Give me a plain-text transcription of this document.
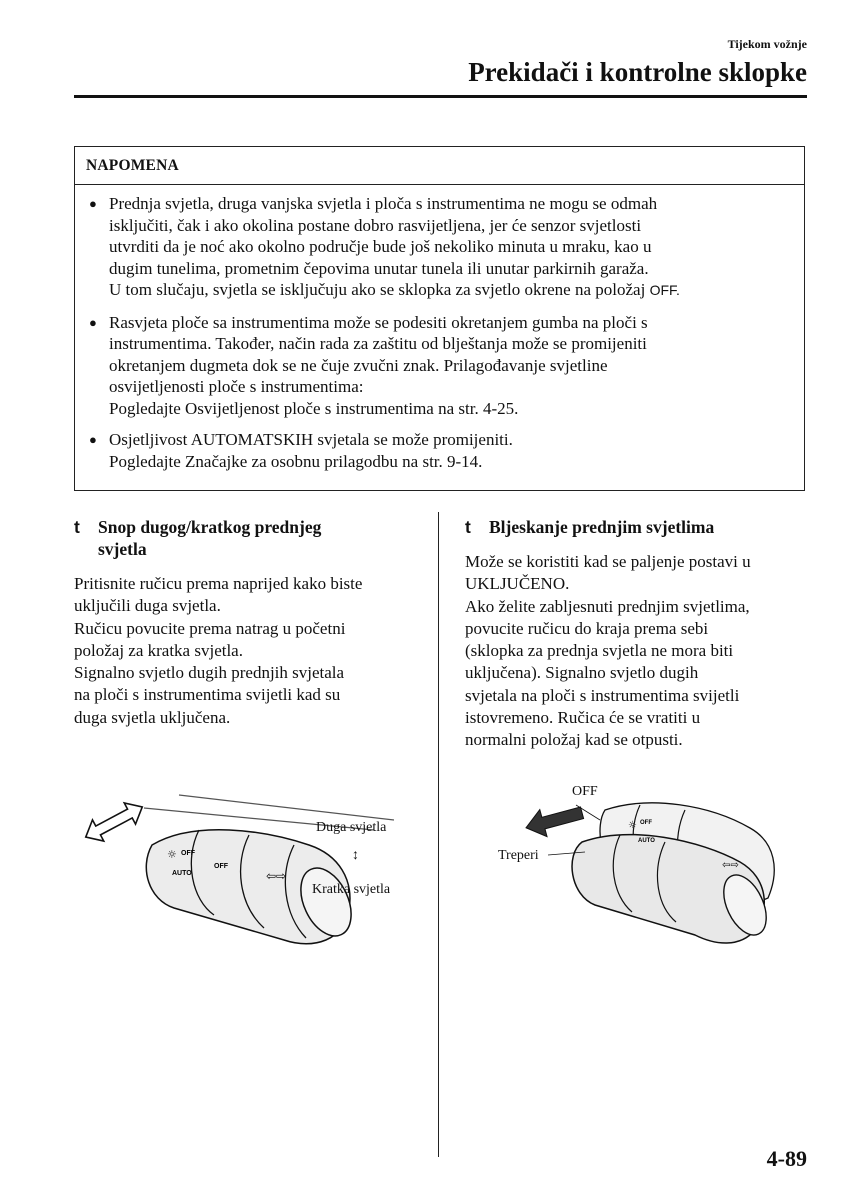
Tijekom vožnje
Prekidači i kontrolne sklopke
NAPOMENA
● Prednja svjetla, druga vanjska svjetla i ploča s instrumentima ne mogu se odmah
isključiti, čak i ako okolina postane dobro rasvijetljena, jer će senzor svjetlosti
utvrditi da je noć ako okolno područje bude još nekoliko minuta u mraku, kao u
dugim tunelima, prometnim čepovima unutar tunela ili unutar parkirnih garaža.
U tom slučaju, svjetla se isključuju ako se sklopka za svjetlo okrene na položaj OFF.
● Rasvjeta ploče sa instrumentima može se podesiti okretanjem gumba na ploči s
instrumentima. Također, način rada za zaštitu od blještanja može se promijeniti
okretanjem dugmeta dok se ne čuje zvučni znak. Prilagođavanje svjetline
osvijetljenosti ploče s instrumentima:
Pogledajte Osvijetljenost ploče s instrumentima na str. 4-25.
● Osjetljivost AUTOMATSKIH svjetala se može promijeniti.
Pogledajte Značajke za osobnu prilagodbu na str. 9-14.
t Snop dugog/kratkog prednjeg
svjetla
Pritisnite ručicu prema naprijed kako biste
uključili duga svjetla.
Ručicu povucite prema natrag u početni
položaj za kratka svjetla.
Signalno svjetlo dugih prednjih svjetala
na ploči s instrumentima svijetli kad su
duga svjetla uključena.
☼ OFF
AUTO
OFF
⇦⇨
Duga svjetla
↕
Kratka svjetla
t Bljeskanje prednjim svjetlima
Može se koristiti kad se paljenje postavi u
UKLJUČENO.
Ako želite zabljesnuti prednjim svjetlima,
povucite ručicu do kraja prema sebi
(sklopka za prednja svjetla ne mora biti
uključena). Signalno svjetlo dugih
svjetala na ploči s instrumentima svijetli
istovremeno. Ručica će se vratiti u
normalni položaj kad se otpusti.
☼ OFF
AUTO
⇦⇨
OFF
Treperi
4-89
